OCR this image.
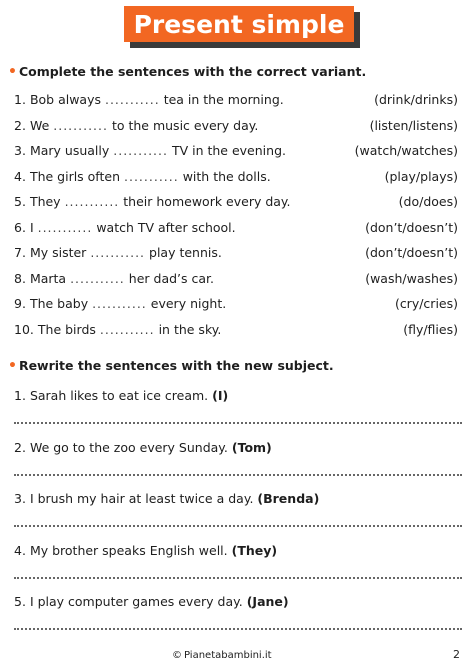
Present simple
• Complete the sentences with the correct variant.
1. Bob always ........... tea in the morning.	(drink/drinks)
2. We ........... to the music every day.	(listen/listens)
3. Mary usually ........... TV in the evening.	(watch/watches)
4. The girls often ........... with the dolls.	(play/plays)
5. They ........... their homework every day.	(do/does)
6. I ........... watch TV after school.	(don’t/doesn’t)
7. My sister ........... play tennis.	(don’t/doesn’t)
8. Marta ........... her dad’s car.	(wash/washes)
9. The baby ........... every night.	(cry/cries)
10. The birds ........... in the sky.	(fly/flies)
• Rewrite the sentences with the new subject.
1. Sarah likes to eat ice cream. (I)
2. We go to the zoo every Sunday. (Tom)
3. I brush my hair at least twice a day. (Brenda)
4. My brother speaks English well. (They)
5. I play computer games every day. (Jane)
© Pianetabambini.it	2
